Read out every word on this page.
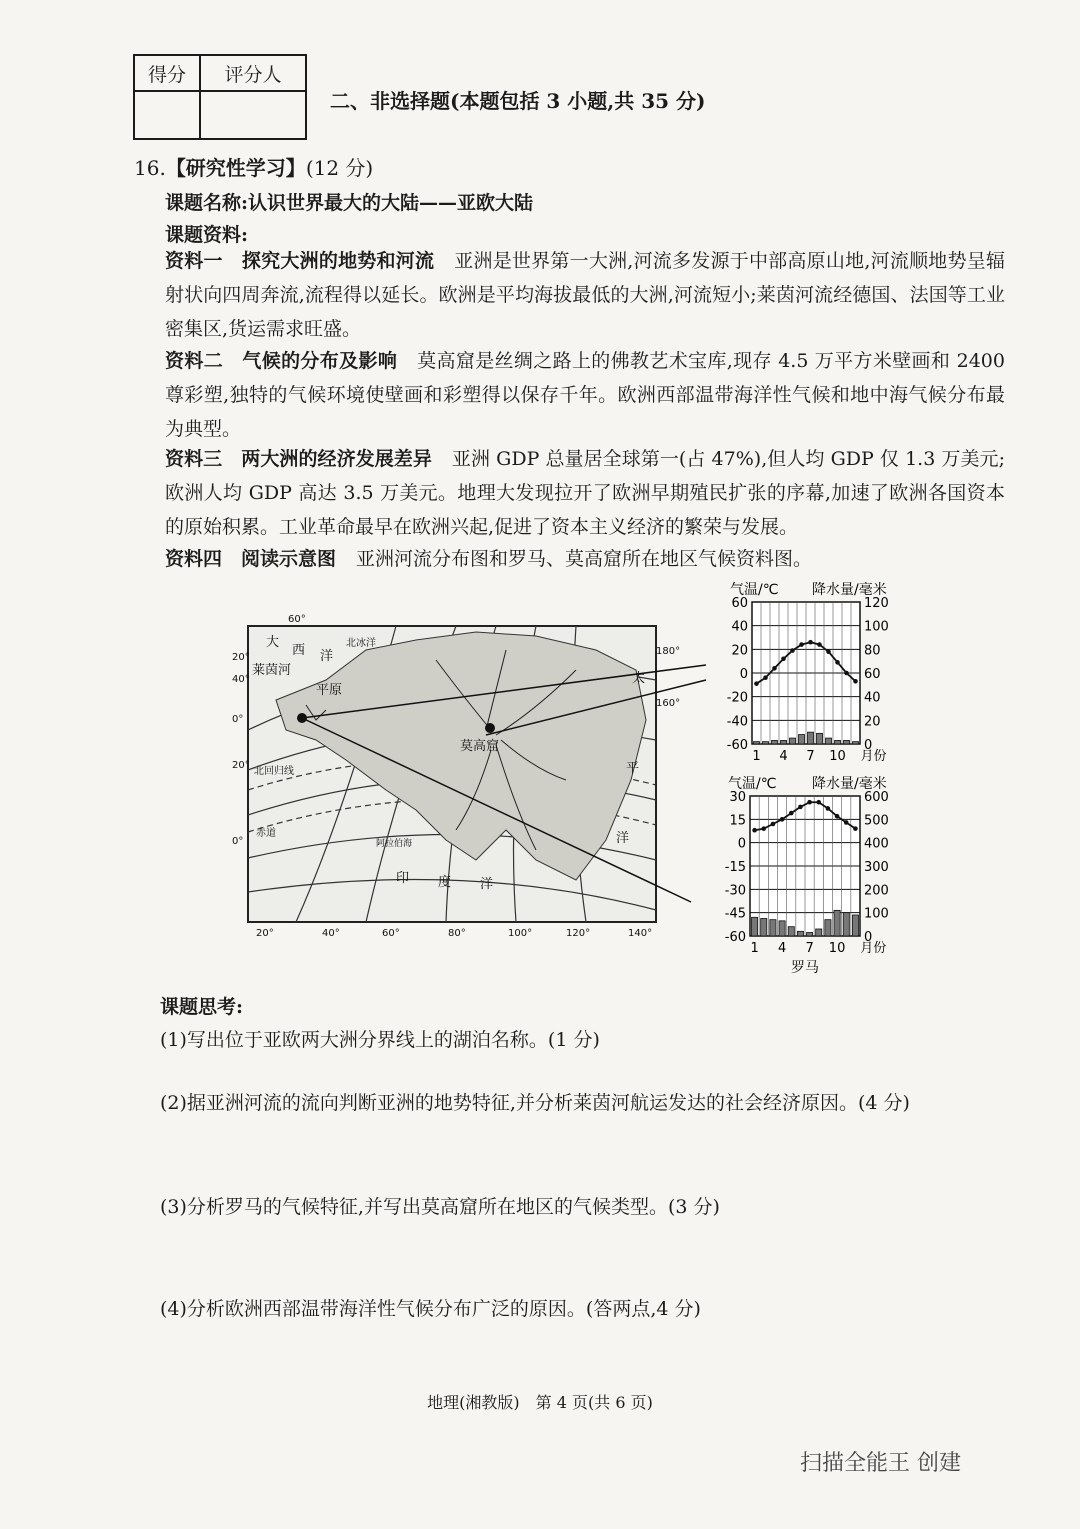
得分	评分人

二、非选择题(本题包括 3 小题,共 35 分)
16.【研究性学习】(12 分)
课题名称:认识世界最大的大陆——亚欧大陆
课题资料:
资料一　探究大洲的地势和河流 亚洲是世界第一大洲,河流多发源于中部高原山地,河流顺地势呈辐射状向四周奔流,流程得以延长。欧洲是平均海拔最低的大洲,河流短小;莱茵河流经德国、法国等工业密集区,货运需求旺盛。
资料二　气候的分布及影响 莫高窟是丝绸之路上的佛教艺术宝库,现存 4.5 万平方米壁画和 2400 尊彩塑,独特的气候环境使壁画和彩塑得以保存千年。欧洲西部温带海洋性气候和地中海气候分布最为典型。
资料三　两大洲的经济发展差异 亚洲 GDP 总量居全球第一(占 47%),但人均 GDP 仅 1.3 万美元;欧洲人均 GDP 高达 3.5 万美元。地理大发现拉开了欧洲早期殖民扩张的序幕,加速了欧洲各国资本的原始积累。工业革命最早在欧洲兴起,促进了资本主义经济的繁荣与发展。
资料四　阅读示意图 亚洲河流分布图和罗马、莫高窟所在地区气候资料图。
莱茵河
平原
莫高窟
北回归线
赤道
大
西 洋
北冰洋
印 度 洋
阿拉伯海
太
平
洋
20°
40°
0°
20°
0°
60°
180°
160°
20°	40°	60°	80°	100°	120°	140°
气温/℃ 降水量/毫米
60	120
40	100
20	80
0	60
-20	40
-40	20
-60	0
1 4 7 10 月份
气温/℃	降水量/毫米
30	600
15	500
0	400
-15	300
-30	200
-45	100
-60	0
1 4 7 10 月份
罗马
课题思考:
(1)写出位于亚欧两大洲分界线上的湖泊名称。(1 分)
(2)据亚洲河流的流向判断亚洲的地势特征,并分析莱茵河航运发达的社会经济原因。(4 分)
(3)分析罗马的气候特征,并写出莫高窟所在地区的气候类型。(3 分)
(4)分析欧洲西部温带海洋性气候分布广泛的原因。(答两点,4 分)
地理(湘教版)　第 4 页(共 6 页)
扫描全能王 创建
